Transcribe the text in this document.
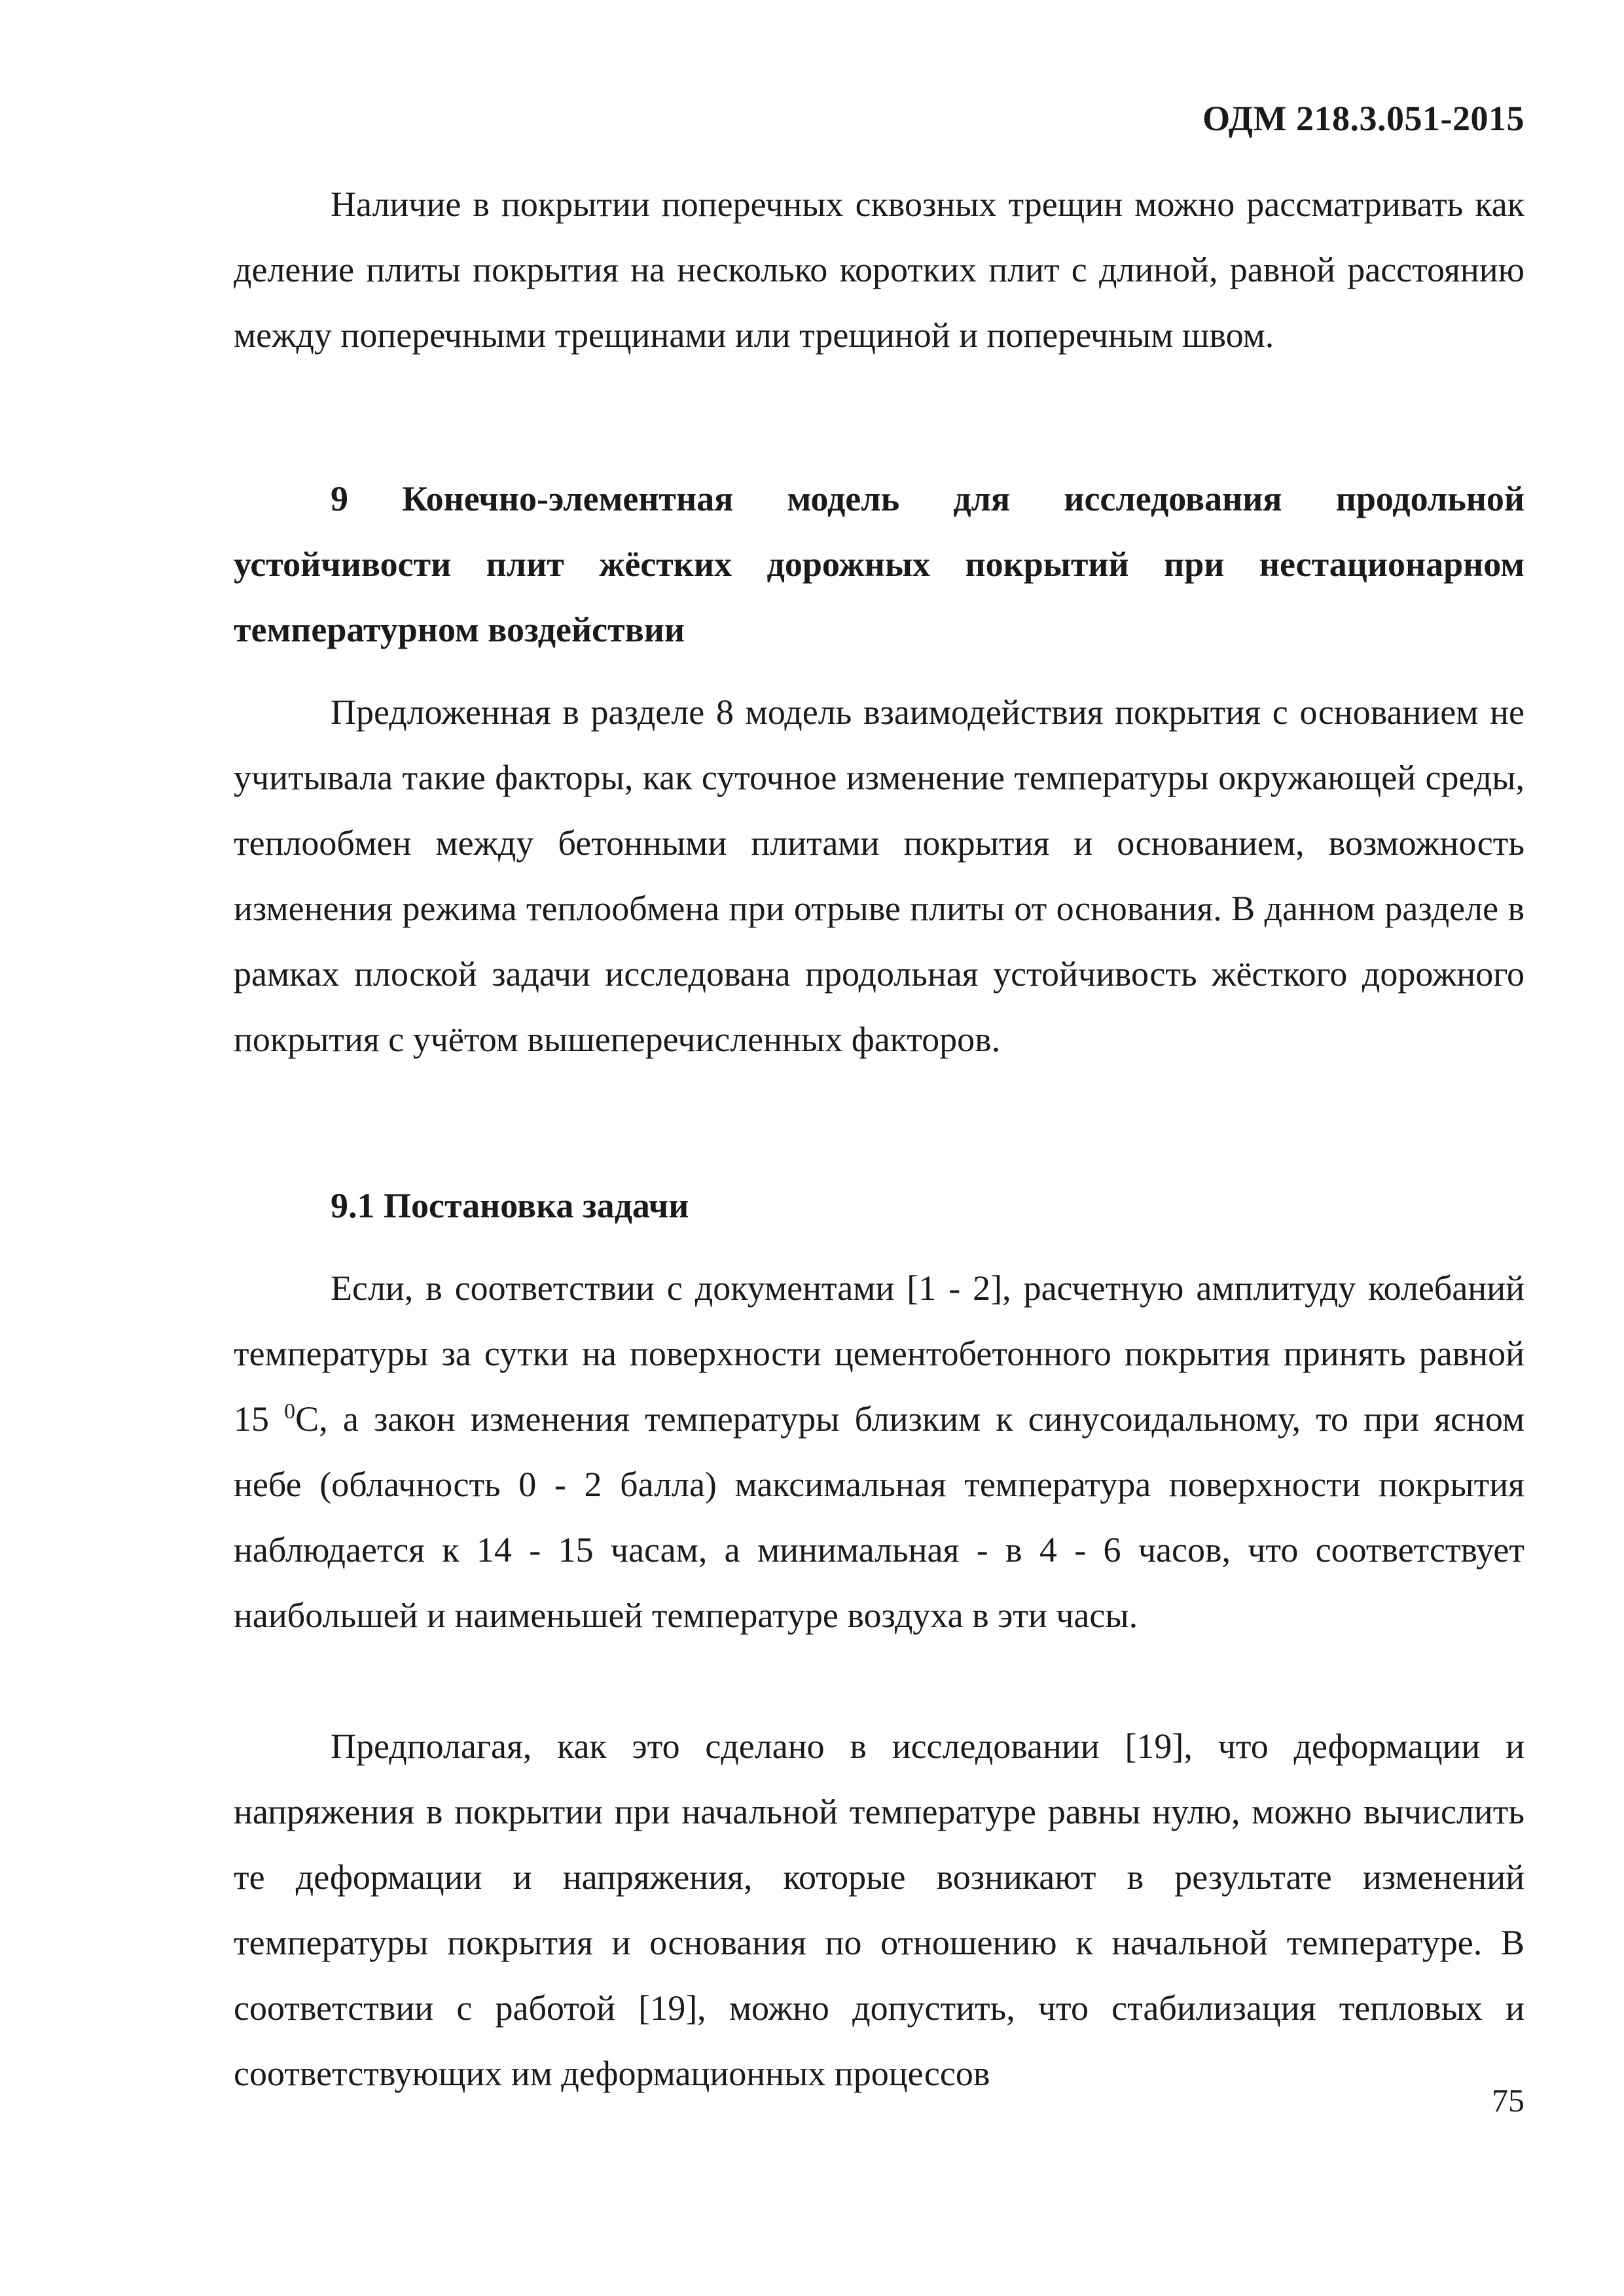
ОДМ 218.3.051-2015

Наличие в покрытии поперечных сквозных трещин можно рассматривать как деление плиты покрытия на несколько коротких плит с длиной, равной расстоянию между поперечными трещинами или трещиной и поперечным швом.

9 Конечно-элементная модель для исследования продольной устойчивости плит жёстких дорожных покрытий при нестационарном температурном воздействии

Предложенная в разделе 8 модель взаимодействия покрытия с основанием не учитывала такие факторы, как суточное изменение температуры окружающей среды, теплообмен между бетонными плитами покрытия и основанием, возможность изменения режима теплообмена при отрыве плиты от основания. В данном разделе в рамках плоской задачи исследована продольная устойчивость жёсткого дорожного покрытия с учётом вышеперечисленных факторов.

9.1 Постановка задачи

Если, в соответствии с документами [1 - 2], расчетную амплитуду колебаний температуры за сутки на поверхности цементобетонного покрытия принять равной 15 $^0$С, а закон изменения температуры близким к синусоидальному, то при ясном небе (облачность 0 - 2 балла) максимальная температура поверхности покрытия наблюдается к 14 - 15 часам, а минимальная - в 4 - 6 часов, что соответствует наибольшей и наименьшей температуре воздуха в эти часы.

Предполагая, как это сделано в исследовании [19], что деформации и напряжения в покрытии при начальной температуре равны нулю, можно вычислить те деформации и напряжения, которые возникают в результате изменений температуры покрытия и основания по отношению к начальной температуре. В соответствии с работой [19], можно допустить, что стабилизация тепловых и соответствующих им деформационных процессов

75
